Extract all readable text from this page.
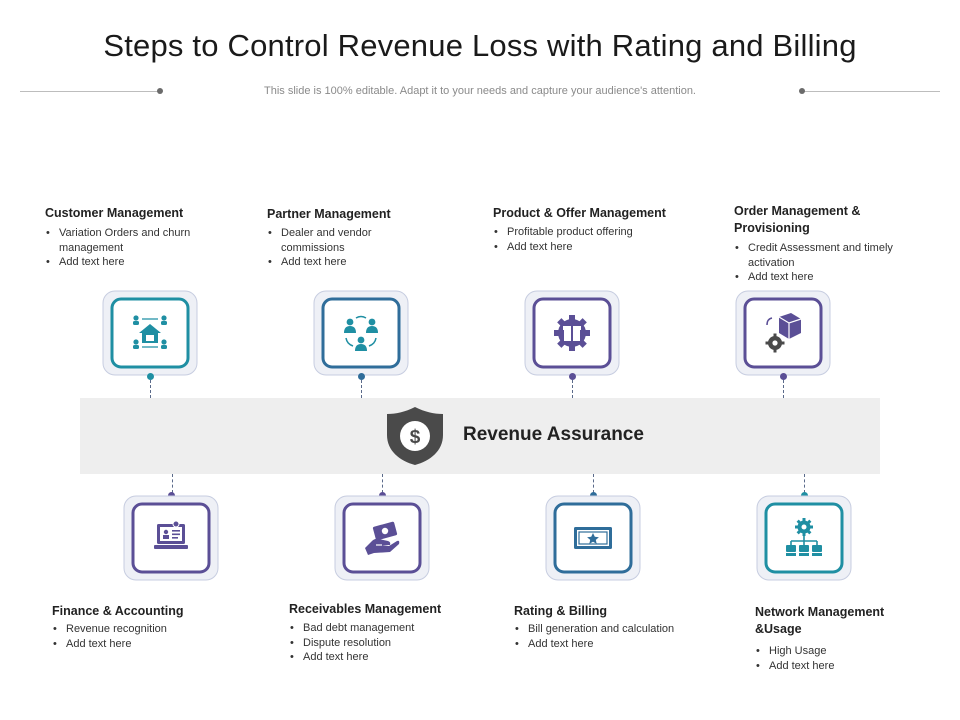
Steps to Control Revenue Loss with Rating and Billing
This slide is 100% editable. Adapt it to your needs and capture your audience's attention.
$ Revenue Assurance
Customer Management
• Variation Orders and churn management
• Add text here
Partner Management
• Dealer and vendor commissions
• Add text here
Product & Offer Management
• Profitable product offering
• Add text here
Order Management & Provisioning
• Credit Assessment and timely activation
• Add text here
Finance & Accounting
• Revenue recognition
• Add text here
Receivables Management
• Bad debt management
• Dispute resolution
• Add text here
Rating & Billing
• Bill generation and calculation
• Add text here
Network Management &Usage
• High Usage
• Add text here
